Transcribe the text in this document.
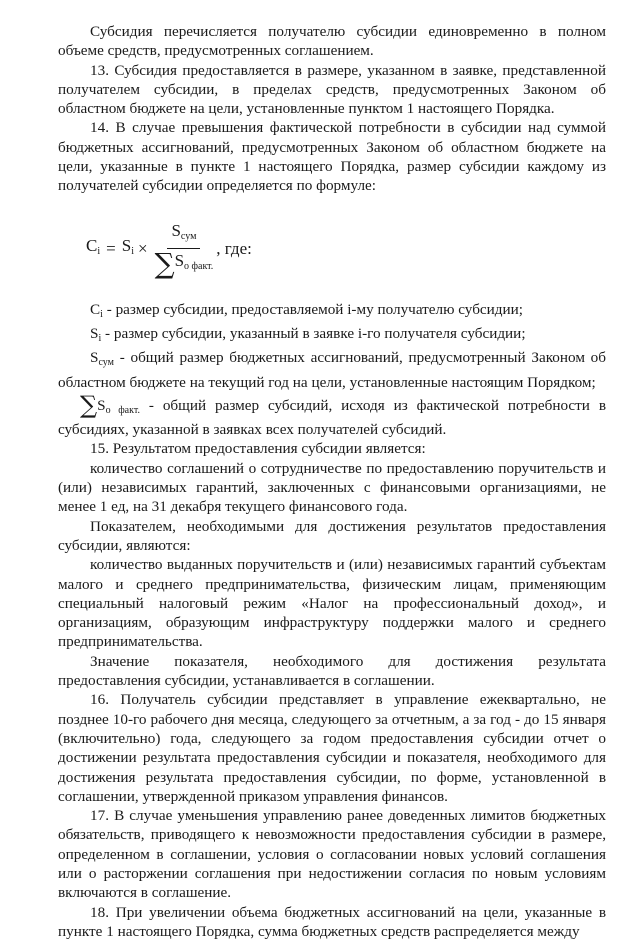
Субсидия перечисляется получателю субсидии единовременно в полном объеме средств, предусмотренных соглашением.

13. Субсидия предоставляется в размере, указанном в заявке, представленной получателем субсидии, в пределах средств, предусмотренных Законом об областном бюджете на цели, установленные пунктом 1 настоящего Порядка.

14. В случае превышения фактической потребности в субсидии над суммой бюджетных ассигнований, предусмотренных Законом об областном бюджете на цели, указанные в пункте 1 настоящего Порядка, размер субсидии каждому из получателей субсидии определяется по формуле:

$C_i = S_i \times \frac{S_{сум}}{\sum S_{о факт.}}$ , где:

$C_i$ - размер субсидии, предоставляемой i-му получателю субсидии;

$S_i$ - размер субсидии, указанный в заявке i-го получателя субсидии;

$S_{сум}$ - общий размер бюджетных ассигнований, предусмотренный Законом об областном бюджете на текущий год на цели, установленные настоящим Порядком;

$\sum S_{о факт.}$ - общий размер субсидий, исходя из фактической потребности в субсидиях, указанной в заявках всех получателей субсидий.

15. Результатом предоставления субсидии является:

количество соглашений о сотрудничестве по предоставлению поручительств и (или) независимых гарантий, заключенных с финансовыми организациями, не менее 1 ед, на 31 декабря текущего финансового года.

Показателем, необходимыми для достижения результатов предоставления субсидии, являются:

количество выданных поручительств и (или) независимых гарантий субъектам малого и среднего предпринимательства, физическим лицам, применяющим специальный налоговый режим «Налог на профессиональный доход», и организациям, образующим инфраструктуру поддержки малого и среднего предпринимательства.

Значение показателя, необходимого для достижения результата предоставления субсидии, устанавливается в соглашении.

16. Получатель субсидии представляет в управление ежеквартально, не позднее 10-го рабочего дня месяца, следующего за отчетным, а за год - до 15 января (включительно) года, следующего за годом предоставления субсидии отчет о достижении результата предоставления субсидии и показателя, необходимого для достижения результата предоставления субсидии, по форме, установленной в соглашении, утвержденной приказом управления финансов.

17. В случае уменьшения управлению ранее доведенных лимитов бюджетных обязательств, приводящего к невозможности предоставления субсидии в размере, определенном в соглашении, условия о согласовании новых условий соглашения или о расторжении соглашения при недостижении согласия по новым условиям включаются в соглашение.

18. При увеличении объема бюджетных ассигнований на цели, указанные в пункте 1 настоящего Порядка, сумма бюджетных средств распределяется между
